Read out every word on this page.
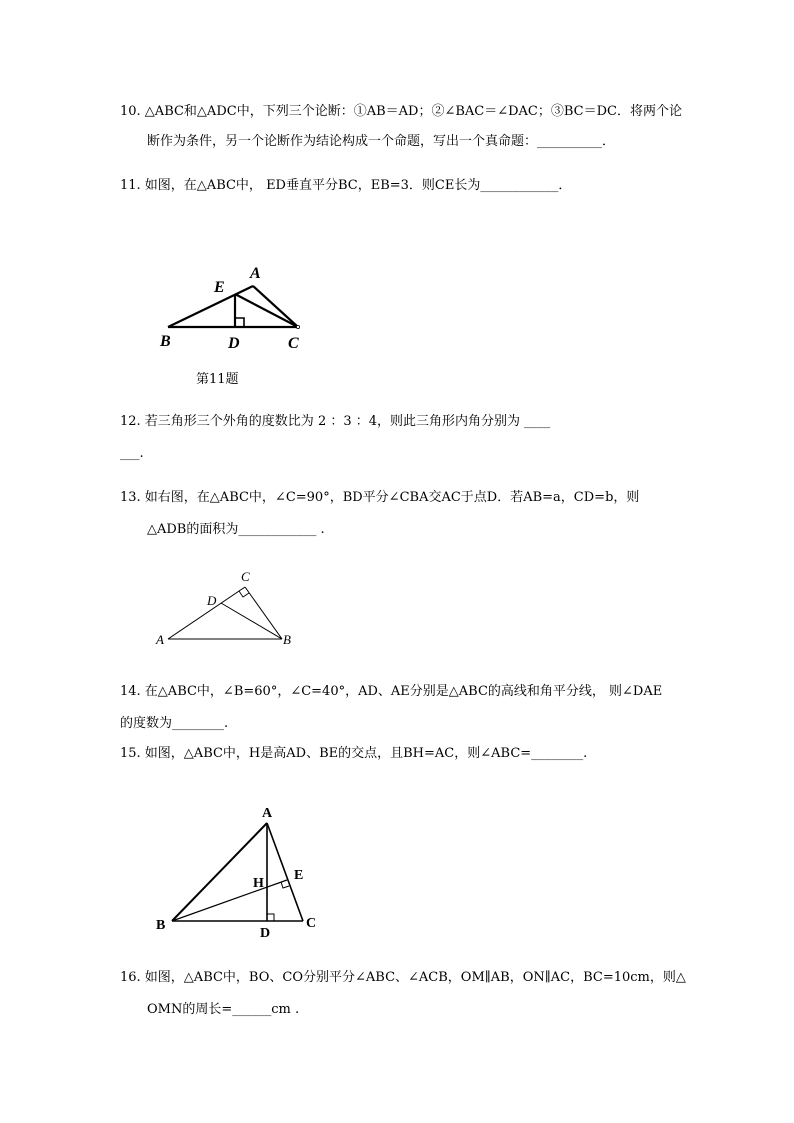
10. △ABC和△ADC中，下列三个论断：①AB＝AD；②∠BAC＝∠DAC；③BC＝DC．将两个论
断作为条件，另一个论断作为结论构成一个命题，写出一个真命题：__________．
11. 如图，在△ABC中， ED垂直平分BC，EB=3．则CE长为____________．
A
E
B	D	C
第11题
12. 若三角形三个外角的度数比为 2 ：3 ：4，则此三角形内角分别为 ____
___.
13. 如右图，在△ABC中，∠C=90°，BD平分∠CBA交AC于点D．若AB=a，CD=b，则
△ADB的面积为____________ .
C
D
A	B
14. 在△ABC中，∠B=60°，∠C=40°，AD、AE分别是△ABC的高线和角平分线， 则∠DAE
的度数为________.
15. 如图，△ABC中，H是高AD、BE的交点，且BH=AC，则∠ABC=________.
A
E
H
B
D
C
16. 如图，△ABC中，BO、CO分别平分∠ABC、∠ACB，OM∥AB，ON∥AC，BC=10cm，则△
OMN的周长=______cm .
